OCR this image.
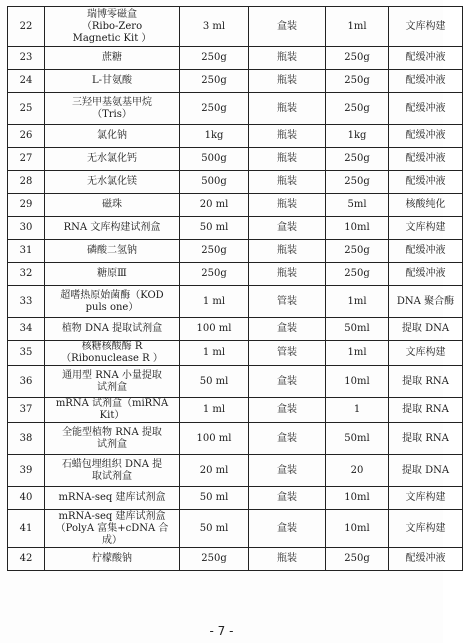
22	瑞博零磁盒
（Ribo-Zero
Magnetic Kit ）	3 ml	盒装	1ml	文库构建
23	蔗糖	250g	瓶装	250g	配缓冲液
24	L-甘氨酸	250g	瓶装	250g	配缓冲液
25	三羟甲基氨基甲烷
（Tris）	250g	瓶装	250g	配缓冲液
26	氯化钠	1kg	瓶装	1kg	配缓冲液
27	无水氯化钙	500g	瓶装	250g	配缓冲液
28	无水氯化镁	500g	瓶装	250g	配缓冲液
29	磁珠	20 ml	瓶装	5ml	核酸纯化
30	RNA 文库构建试剂盒	50 ml	盒装	10ml	文库构建
31	磷酸二氢钠	250g	瓶装	250g	配缓冲液
32	糖原Ⅲ	250g	瓶装	250g	配缓冲液
33	超嗜热原始菌酶（KOD
puls one）	1 ml	管装	1ml	DNA 聚合酶
34	植物 DNA 提取试剂盒	100 ml	盒装	50ml	提取 DNA
35	核糖核酸酶 R
（Ribonuclease R ）	1 ml	管装	1ml	文库构建
36	通用型 RNA 小量提取
试剂盒	50 ml	盒装	10ml	提取 RNA
37	mRNA 试剂盒（miRNA
Kit）	1 ml	盒装	1	提取 RNA
38	全能型植物 RNA 提取
试剂盒	100 ml	盒装	50ml	提取 RNA
39	石蜡包埋组织 DNA 提
取试剂盒	20 ml	盒装	20	提取 DNA
40	mRNA-seq 建库试剂盒	50 ml	盒装	10ml	文库构建
41	mRNA-seq 建库试剂盒
（PolyA 富集+cDNA 合
成）	50 ml	盒装	10ml	文库构建
42	柠檬酸钠	250g	瓶装	250g	配缓冲液
- 7 -
